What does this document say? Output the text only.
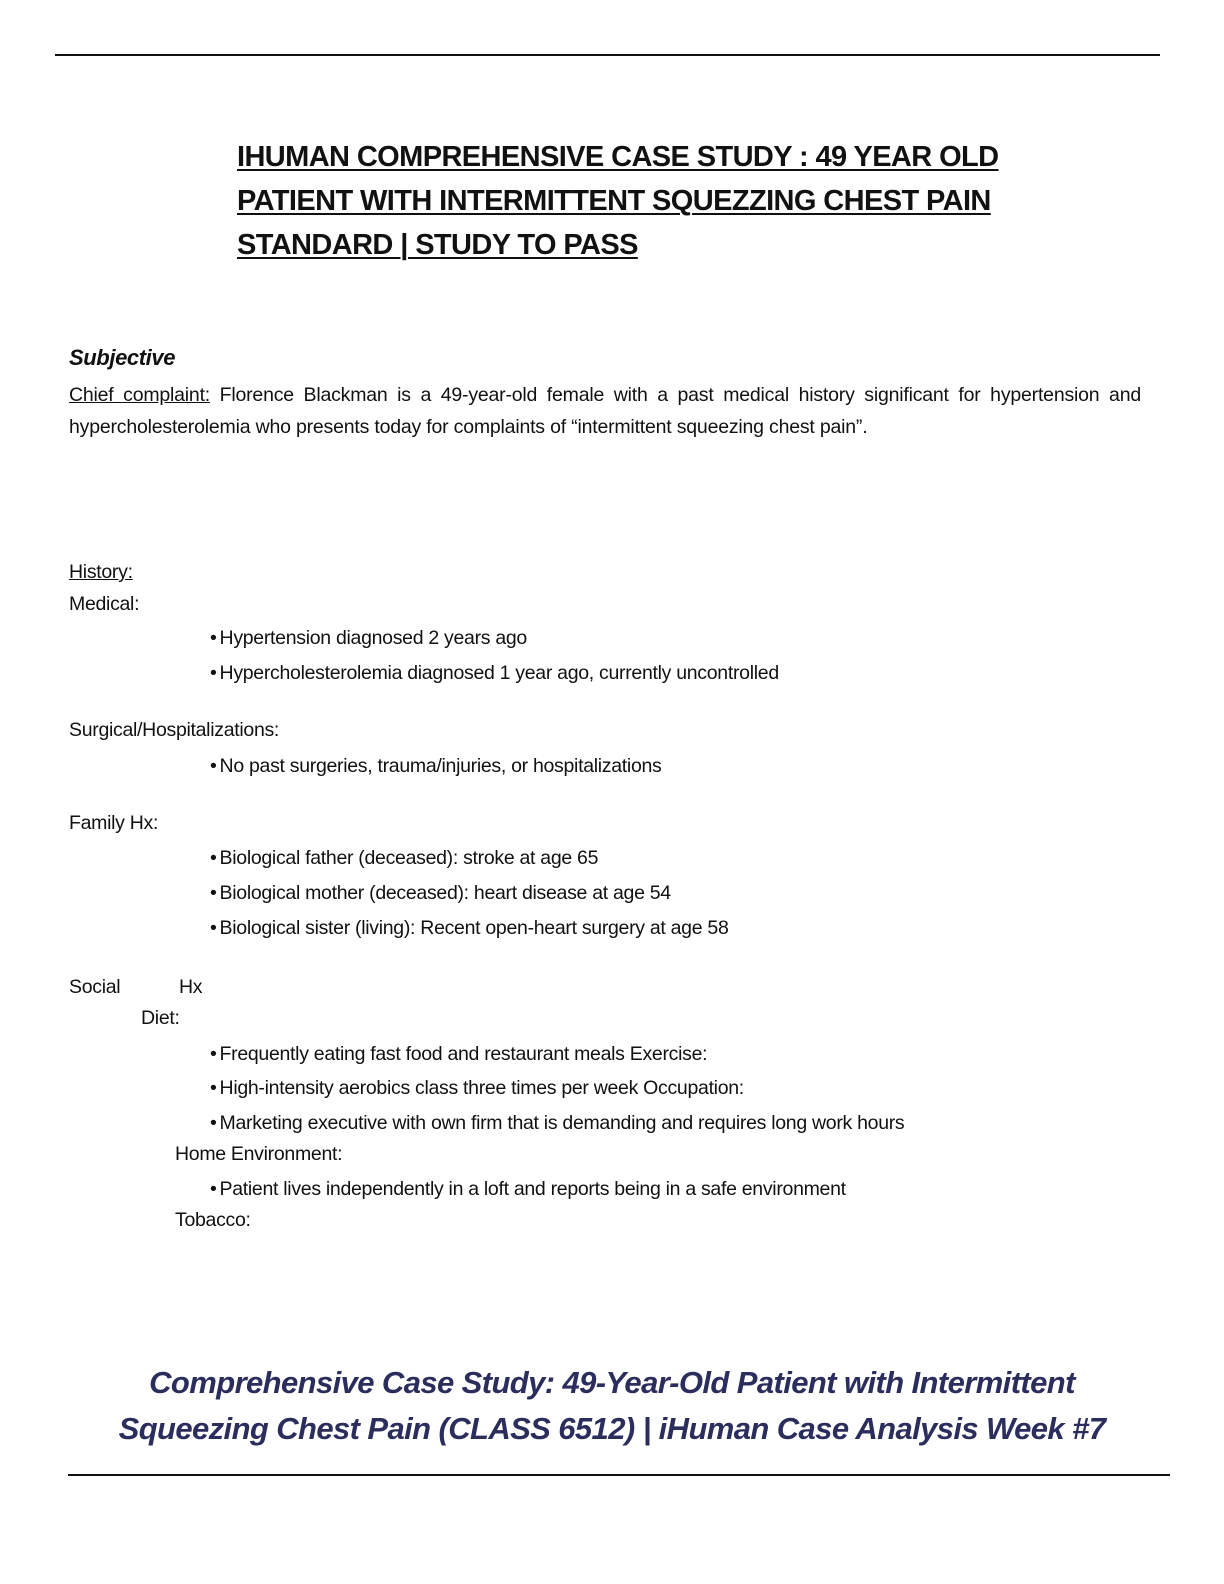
IHUMAN COMPREHENSIVE CASE STUDY : 49 YEAR OLD
PATIENT WITH INTERMITTENT SQUEZZING CHEST PAIN
STANDARD | STUDY TO PASS
Subjective
Chief complaint: Florence Blackman is a 49-year-old female with a past medical history significant for hypertension and hypercholesterolemia who presents today for complaints of “intermittent squeezing chest pain”.
History:
Medical:
• Hypertension diagnosed 2 years ago
• Hypercholesterolemia diagnosed 1 year ago, currently uncontrolled
Surgical/Hospitalizations:
• No past surgeries, trauma/injuries, or hospitalizations
Family Hx:
• Biological father (deceased): stroke at age 65
• Biological mother (deceased): heart disease at age 54
• Biological sister (living): Recent open-heart surgery at age 58
Social	Hx
Diet:
• Frequently eating fast food and restaurant meals Exercise:
• High-intensity aerobics class three times per week Occupation:
• Marketing executive with own firm that is demanding and requires long work hours
Home Environment:
• Patient lives independently in a loft and reports being in a safe environment
Tobacco:
Comprehensive Case Study: 49-Year-Old Patient with Intermittent
Squeezing Chest Pain (CLASS 6512) | iHuman Case Analysis Week #7
